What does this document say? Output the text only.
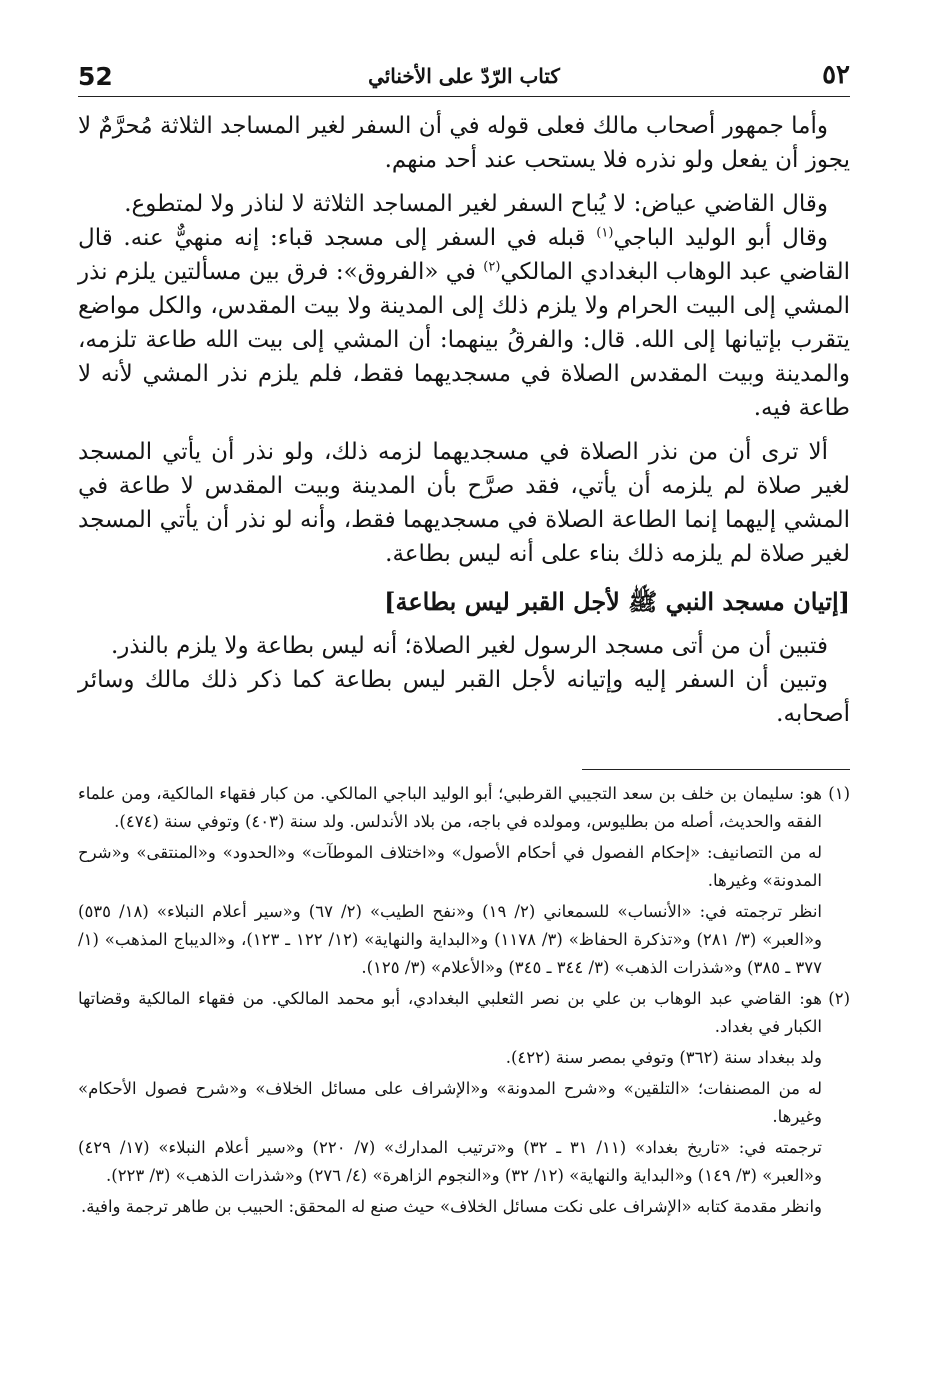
52	كتاب الرّدّ على الأخنائي	٥٢

وأما جمهور أصحاب مالك فعلى قوله في أن السفر لغير المساجد الثلاثة مُحرَّمٌ لا يجوز أن يفعل ولو نذره فلا يستحب عند أحد منهم.

وقال القاضي عياض: لا يُباح السفر لغير المساجد الثلاثة لا لناذر ولا لمتطوع.

وقال أبو الوليد الباجي$^{(١)}$ قبله في السفر إلى مسجد قباء: إنه منهيٌّ عنه. قال القاضي عبد الوهاب البغدادي المالكي$^{(٢)}$ في «الفروق»: فرق بين مسألتين يلزم نذر المشي إلى البيت الحرام ولا يلزم ذلك إلى المدينة ولا بيت المقدس، والكل مواضع يتقرب بإتيانها إلى الله. قال: والفرقُ بينهما: أن المشي إلى بيت الله طاعة تلزمه، والمدينة وبيت المقدس الصلاة في مسجديهما فقط، فلم يلزم نذر المشي لأنه لا طاعة فيه.

ألا ترى أن من نذر الصلاة في مسجديهما لزمه ذلك، ولو نذر أن يأتي المسجد لغير صلاة لم يلزمه أن يأتي، فقد صرَّح بأن المدينة وبيت المقدس لا طاعة في المشي إليهما إنما الطاعة الصلاة في مسجديهما فقط، وأنه لو نذر أن يأتي المسجد لغير صلاة لم يلزمه ذلك بناء على أنه ليس بطاعة.

[إتيان مسجد النبي ﷺ لأجل القبر ليس بطاعة]

فتبين أن من أتى مسجد الرسول لغير الصلاة؛ أنه ليس بطاعة ولا يلزم بالنذر.

وتبين أن السفر إليه وإتيانه لأجل القبر ليس بطاعة كما ذكر ذلك مالك وسائر أصحابه.

(١)

هو: سليمان بن خلف بن سعد التجيبي القرطبي؛ أبو الوليد الباجي المالكي. من كبار فقهاء المالكية، ومن علماء الفقه والحديث، أصله من بطليوس، ومولده في باجه، من بلاد الأندلس. ولد سنة (٤٠٣) وتوفي سنة (٤٧٤).

له من التصانيف: «إحكام الفصول في أحكام الأصول» و«اختلاف الموطآت» و«الحدود» و«المنتقى» و«شرح المدونة» وغيرها.

انظر ترجمته في: «الأنساب» للسمعاني (٢/ ١٩) و«نفح الطيب» (٢/ ٦٧) و«سير أعلام النبلاء» (١٨/ ٥٣٥) و«العبر» (٣/ ٢٨١) و«تذكرة الحفاظ» (٣/ ١١٧٨) و«البداية والنهاية» (١٢/ ١٢٢ ـ ١٢٣)، و«الديباج المذهب» (١/ ٣٧٧ ـ ٣٨٥) و«شذرات الذهب» (٣/ ٣٤٤ ـ ٣٤٥) و«الأعلام» (٣/ ١٢٥).

(٢)

هو: القاضي عبد الوهاب بن علي بن نصر الثعلبي البغدادي، أبو محمد المالكي. من فقهاء المالكية وقضاتها الكبار في بغداد.

ولد ببغداد سنة (٣٦٢) وتوفي بمصر سنة (٤٢٢).

له من المصنفات؛ «التلقين» و«شرح المدونة» و«الإشراف على مسائل الخلاف» و«شرح فصول الأحكام» وغيرها.

ترجمته في: «تاريخ بغداد» (١١/ ٣١ ـ ٣٢) و«ترتيب المدارك» (٧/ ٢٢٠) و«سير أعلام النبلاء» (١٧/ ٤٢٩) و«العبر» (٣/ ١٤٩) و«البداية والنهاية» (١٢/ ٣٢) و«النجوم الزاهرة» (٤/ ٢٧٦) و«شذرات الذهب» (٣/ ٢٢٣).

وانظر مقدمة كتابه «الإشراف على نكت مسائل الخلاف» حيث صنع له المحقق: الحبيب بن طاهر ترجمة وافية.
